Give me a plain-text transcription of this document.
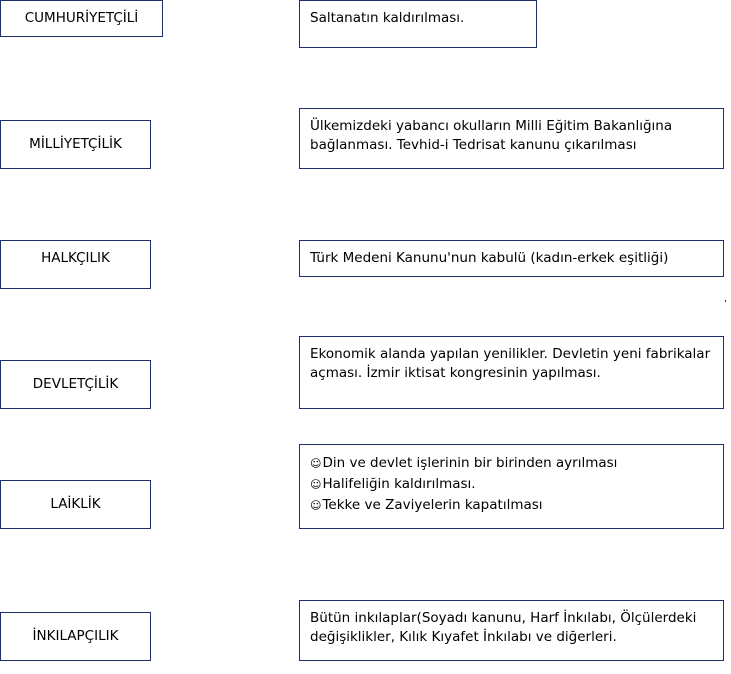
CUMHURİYETÇİLİ	Saltanatın kaldırılması.
MİLLİYETÇİLİK
Ülkemizdeki yabancı okulların Milli Eğitim Bakanlığına
bağlanması. Tevhid-i Tedrisat kanunu çıkarılması
HALKÇILIK	Türk Medeni Kanunu'nun kabulü (kadın-erkek eşitliği)
DEVLETÇİLİK
Ekonomik alanda yapılan yenilikler. Devletin yeni fabrikalar
açması. İzmir iktisat kongresinin yapılması.
LAİKLİK
☺Din ve devlet işlerinin bir birinden ayrılması
☺Halifeliğin kaldırılması.
☺Tekke ve Zaviyelerin kapatılması
İNKILAPÇILIK
Bütün inkılaplar(Soyadı kanunu, Harf İnkılabı, Ölçülerdeki
değişiklikler, Kılık Kıyafet İnkılabı ve diğerleri.
